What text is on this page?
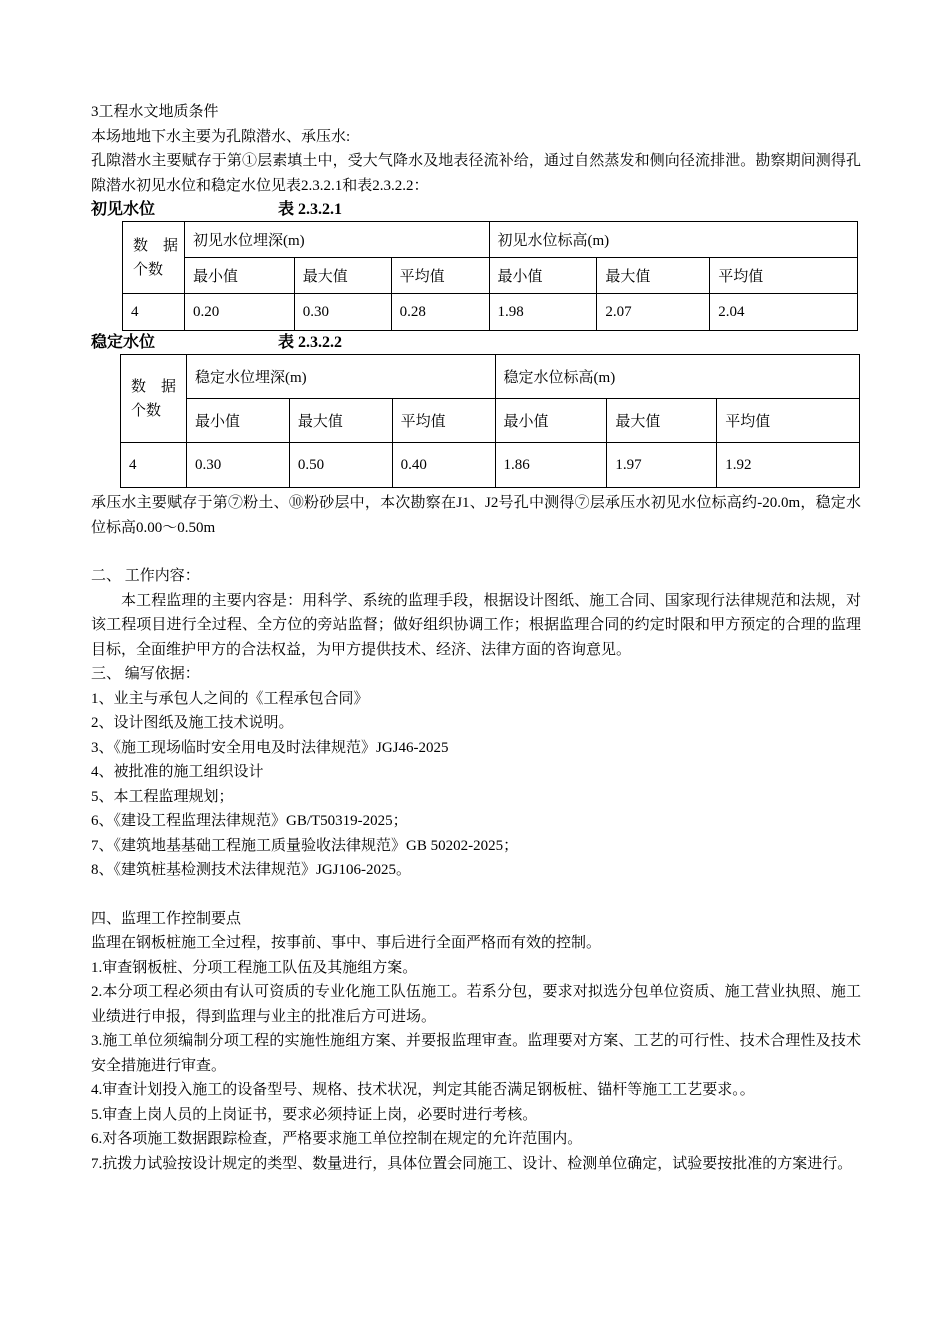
3工程水文地质条件

本场地地下水主要为孔隙潜水、承压水:

孔隙潜水主要赋存于第①层素填土中，受大气降水及地表径流补给，通过自然蒸发和侧向径流排泄。勘察期间测得孔隙潜水初见水位和稳定水位见表2.3.2.1和表2.3.2.2：

初见水位	表 2.3.2.1
数　据
个数	初见水位埋深(m)			初见水位标高(m)		
	最小值	最大值	平均值	最小值	最大值	平均值
4	0.20	0.30	0.28	1.98	2.07	2.04
稳定水位	表 2.3.2.2
数　据
个数	稳定水位埋深(m)			稳定水位标高(m)		
	最小值	最大值	平均值	最小值	最大值	平均值
4	0.30	0.50	0.40	1.86	1.97	1.92

承压水主要赋存于第⑦粉土、⑩粉砂层中，本次勘察在J1、J2号孔中测得⑦层承压水初见水位标高约-20.0m，稳定水位标高0.00～0.50m

二、 工作内容：

本工程监理的主要内容是：用科学、系统的监理手段，根据设计图纸、施工合同、国家现行法律规范和法规，对该工程项目进行全过程、全方位的旁站监督；做好组织协调工作；根据监理合同的约定时限和甲方预定的合理的监理目标，全面维护甲方的合法权益，为甲方提供技术、经济、法律方面的咨询意见。

三、 编写依据：

1、业主与承包人之间的《工程承包合同》

2、设计图纸及施工技术说明。

3、《施工现场临时安全用电及时法律规范》JGJ46-2025

4、被批准的施工组织设计

5、本工程监理规划；

6、《建设工程监理法律规范》GB/T50319-2025；

7、《建筑地基基础工程施工质量验收法律规范》GB 50202-2025；

8、《建筑桩基检测技术法律规范》JGJ106-2025。

四、监理工作控制要点

监理在钢板桩施工全过程，按事前、事中、事后进行全面严格而有效的控制。

1.审查钢板桩、分项工程施工队伍及其施组方案。

2.本分项工程必须由有认可资质的专业化施工队伍施工。若系分包，要求对拟选分包单位资质、施工营业执照、施工业绩进行申报，得到监理与业主的批准后方可进场。

3.施工单位须编制分项工程的实施性施组方案、并要报监理审查。监理要对方案、工艺的可行性、技术合理性及技术安全措施进行审查。

4.审查计划投入施工的设备型号、规格、技术状况，判定其能否满足钢板桩、锚杆等施工工艺要求。。

5.审查上岗人员的上岗证书，要求必须持证上岗，必要时进行考核。

6.对各项施工数据跟踪检查，严格要求施工单位控制在规定的允许范围内。

7.抗拨力试验按设计规定的类型、数量进行，具体位置会同施工、设计、检测单位确定，试验要按批准的方案进行。
